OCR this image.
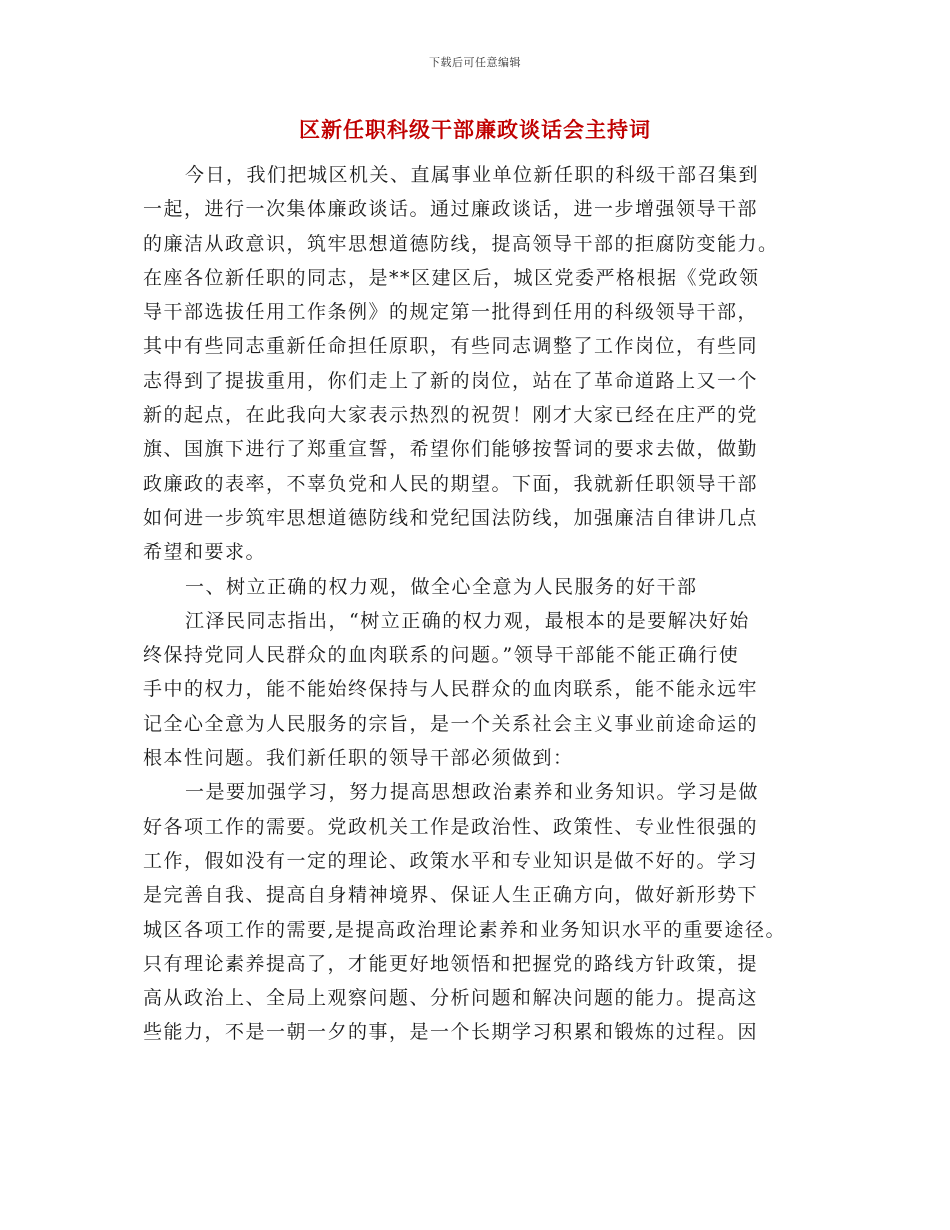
下载后可任意编辑
区新任职科级干部廉政谈话会主持词
今日，我们把城区机关、直属事业单位新任职的科级干部召集到
一起，进行一次集体廉政谈话。通过廉政谈话，进一步增强领导干部
的廉洁从政意识，筑牢思想道德防线，提高领导干部的拒腐防变能力。
在座各位新任职的同志，是**区建区后，城区党委严格根据《党政领
导干部选拔任用工作条例》的规定第一批得到任用的科级领导干部，
其中有些同志重新任命担任原职，有些同志调整了工作岗位，有些同
志得到了提拔重用，你们走上了新的岗位，站在了革命道路上又一个
新的起点，在此我向大家表示热烈的祝贺！刚才大家已经在庄严的党
旗、国旗下进行了郑重宣誓，希望你们能够按誓词的要求去做，做勤
政廉政的表率，不辜负党和人民的期望。下面，我就新任职领导干部
如何进一步筑牢思想道德防线和党纪国法防线，加强廉洁自律讲几点
希望和要求。
一、树立正确的权力观，做全心全意为人民服务的好干部
江泽民同志指出，“树立正确的权力观，最根本的是要解决好始
终保持党同人民群众的血肉联系的问题。”领导干部能不能正确行使
手中的权力，能不能始终保持与人民群众的血肉联系，能不能永远牢
记全心全意为人民服务的宗旨，是一个关系社会主义事业前途命运的
根本性问题。我们新任职的领导干部必须做到：
一是要加强学习，努力提高思想政治素养和业务知识。学习是做
好各项工作的需要。党政机关工作是政治性、政策性、专业性很强的
工作，假如没有一定的理论、政策水平和专业知识是做不好的。学习
是完善自我、提高自身精神境界、保证人生正确方向，做好新形势下
城区各项工作的需要,是提高政治理论素养和业务知识水平的重要途径。
只有理论素养提高了，才能更好地领悟和把握党的路线方针政策，提
高从政治上、全局上观察问题、分析问题和解决问题的能力。提高这
些能力，不是一朝一夕的事，是一个长期学习积累和锻炼的过程。因
